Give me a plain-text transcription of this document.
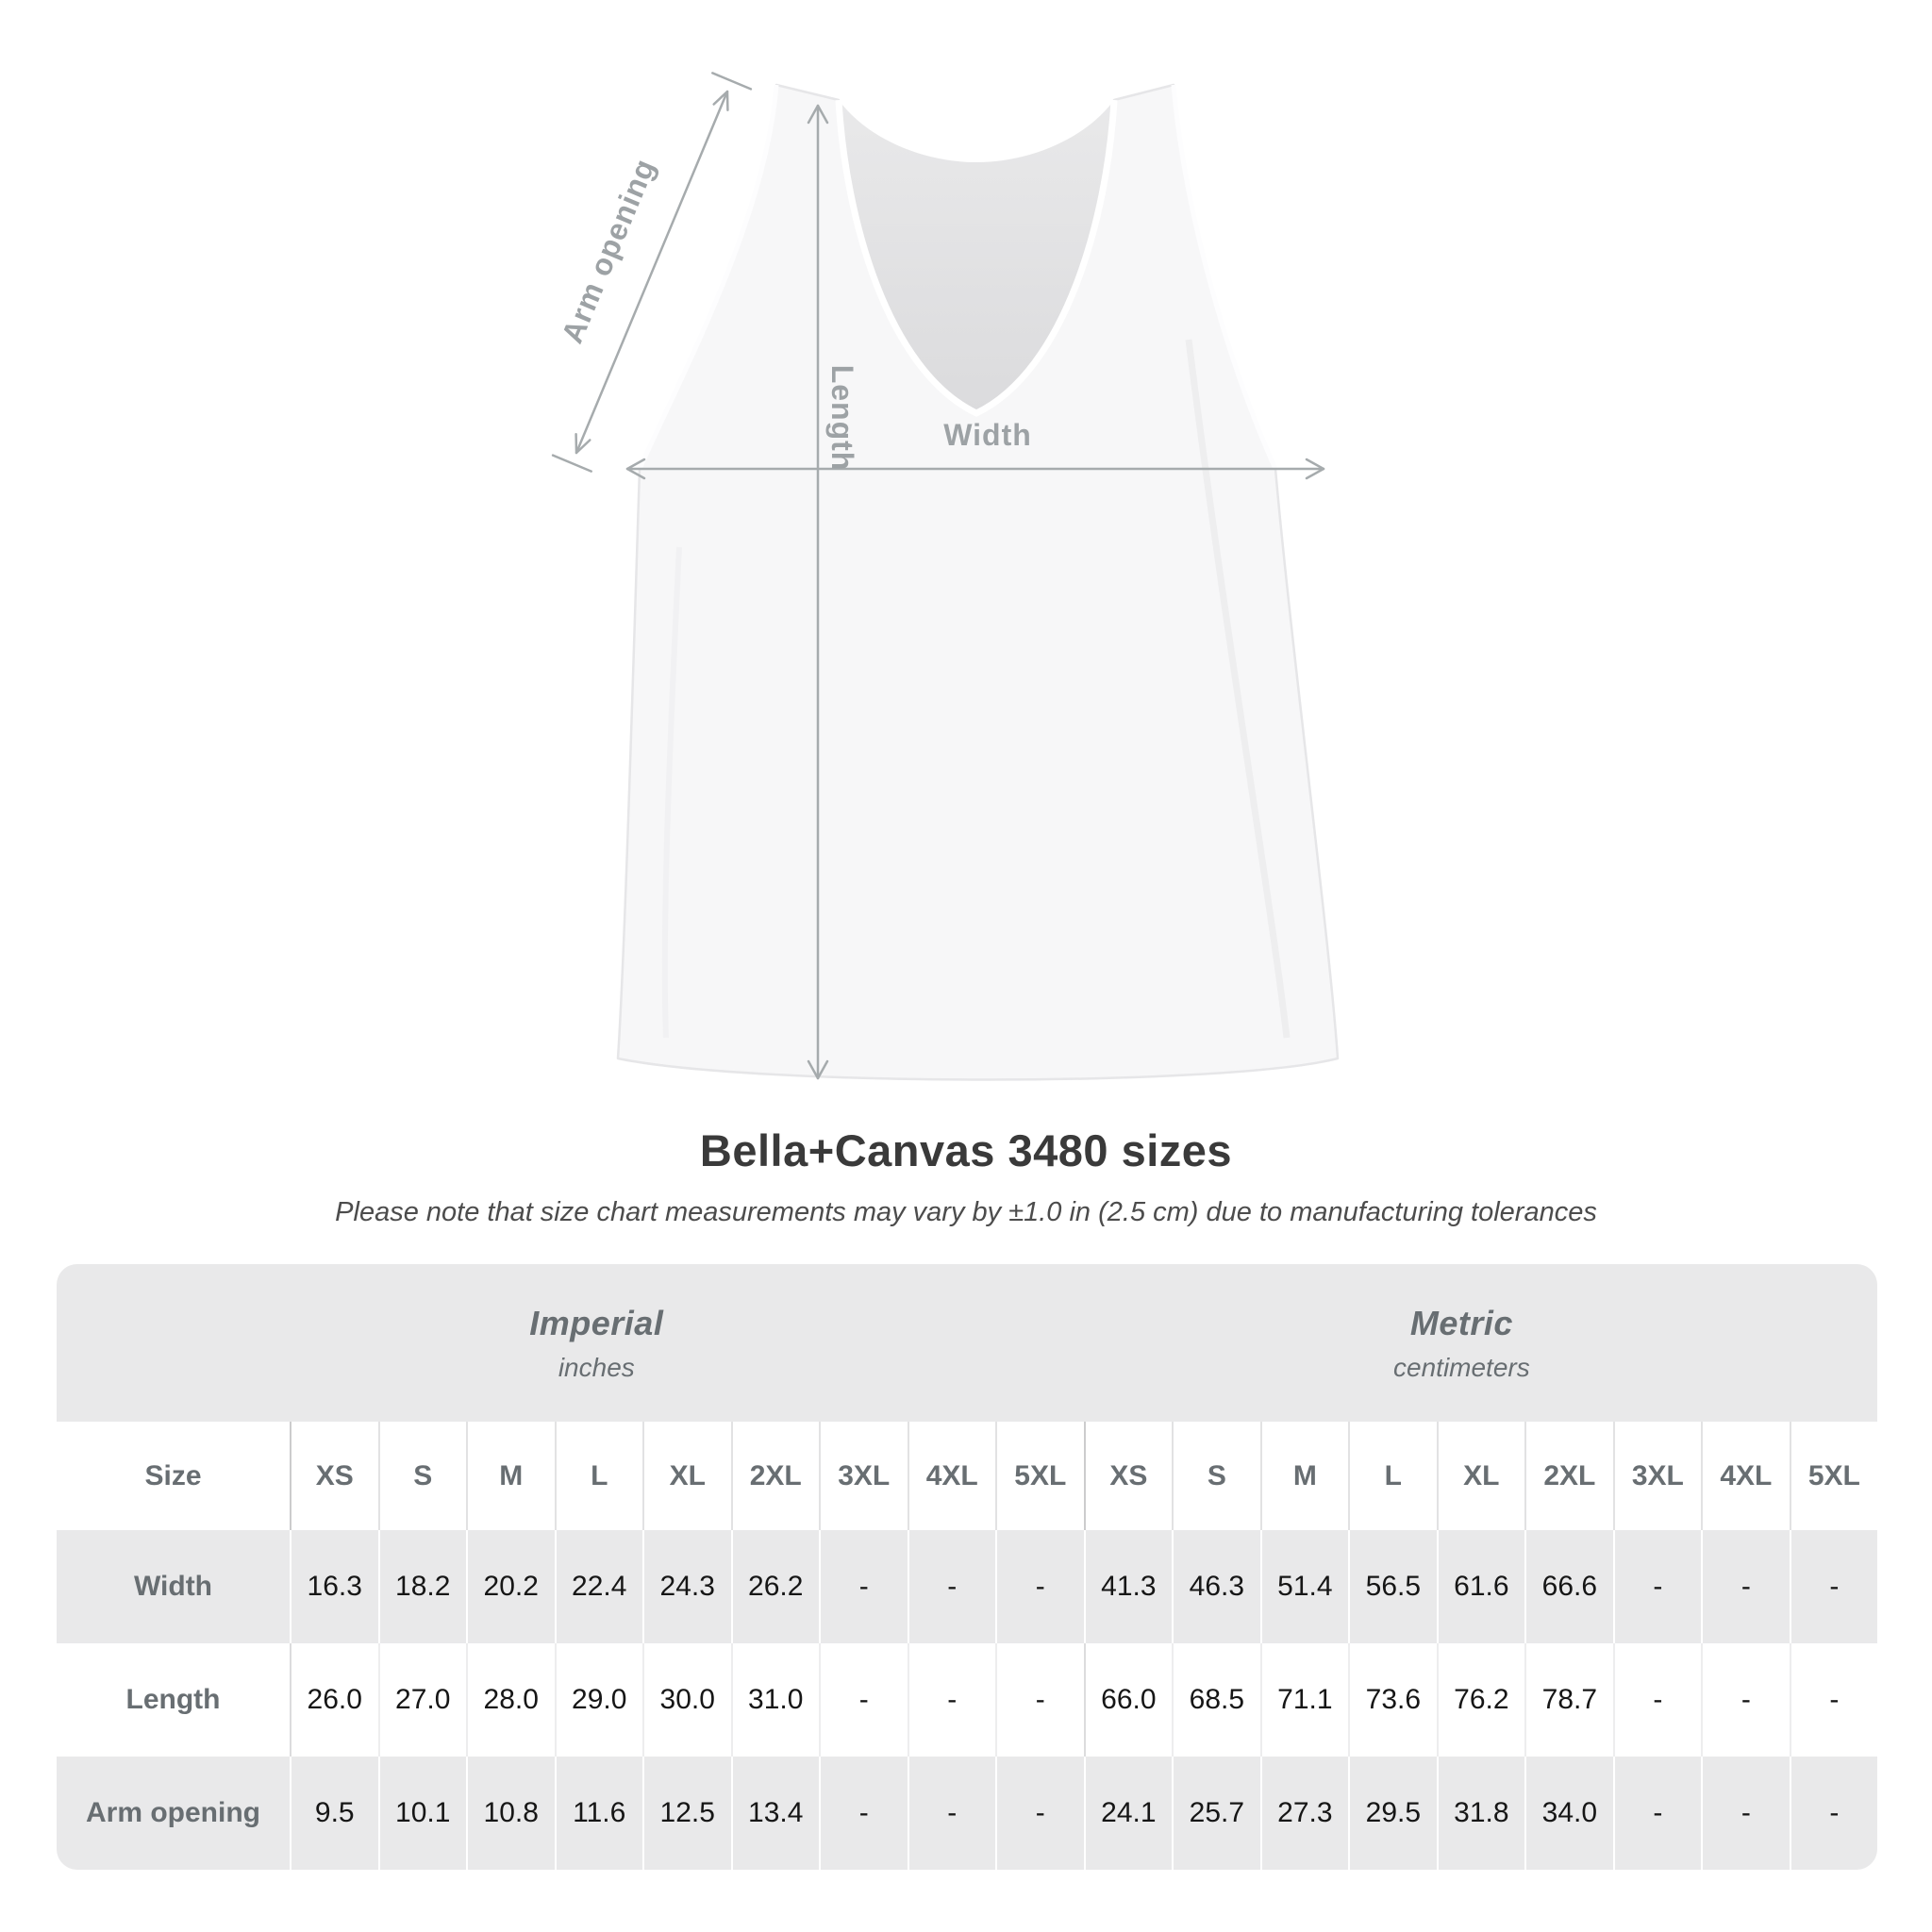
Width
Length
Arm opening
Bella+Canvas 3480 sizes
Please note that size chart measurements may vary by ±1.0 in (2.5 cm) due to manufacturing tolerances
Imperial
inches

Metric
centimeters

Size	XS	S	M	L	XL	2XL	3XL	4XL	5XL	XS	S	M	L	XL	2XL	3XL	4XL	5XL
Width	16.3	18.2	20.2	22.4	24.3	26.2	-	-	-	41.3	46.3	51.4	56.5	61.6	66.6	-	-	-
Length	26.0	27.0	28.0	29.0	30.0	31.0	-	-	-	66.0	68.5	71.1	73.6	76.2	78.7	-	-	-
Arm opening	9.5	10.1	10.8	11.6	12.5	13.4	-	-	-	24.1	25.7	27.3	29.5	31.8	34.0	-	-	-
